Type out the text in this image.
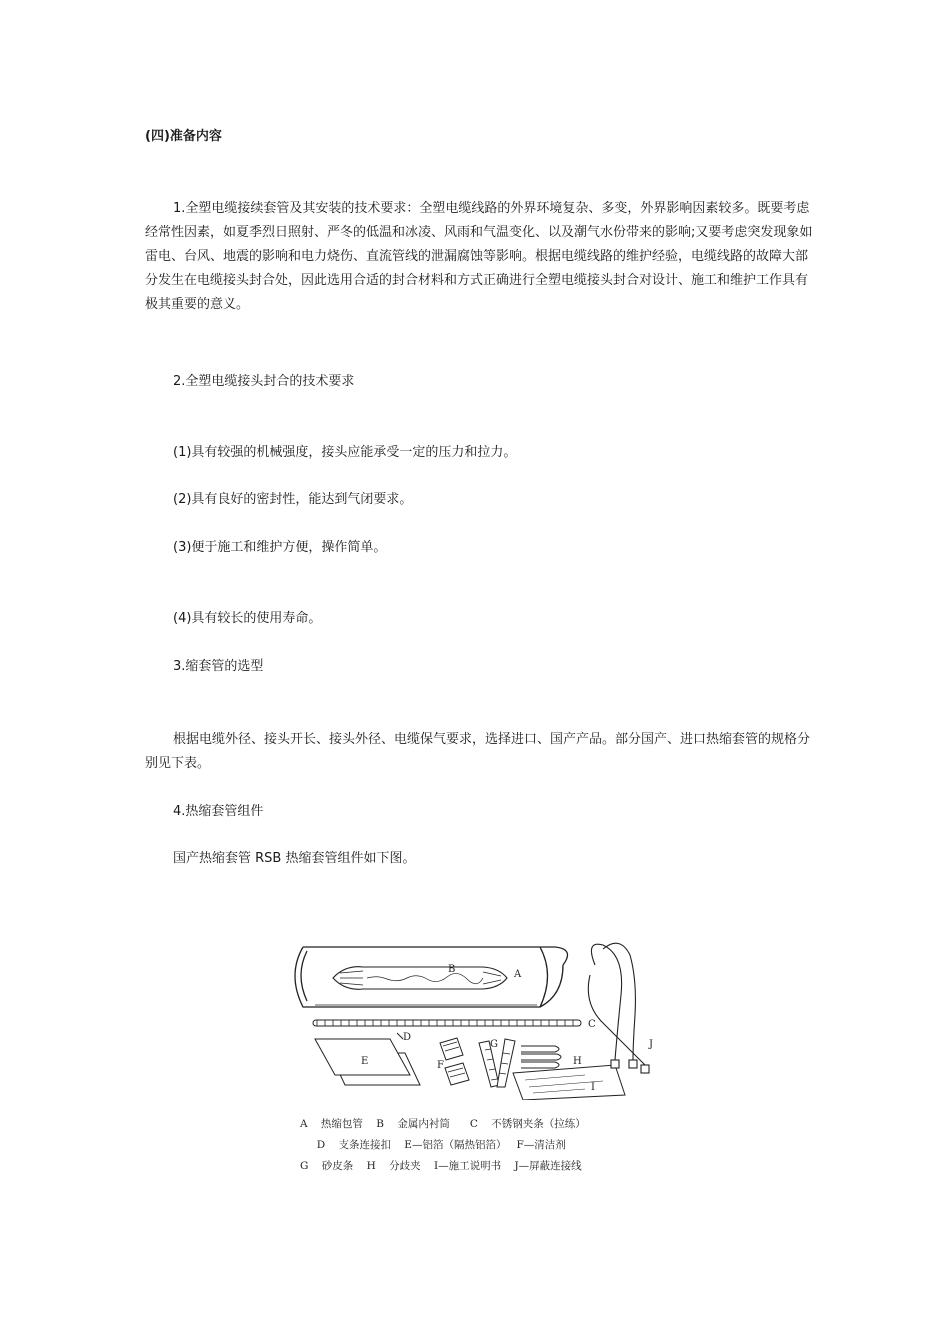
(四)准备内容
1.全塑电缆接续套管及其安装的技术要求：全塑电缆线路的外界环境复杂、多变，外界影响因素较多。既要考虑经常性因素，如夏季烈日照射、严冬的低温和冰凌、风雨和气温变化、以及潮气水份带来的影响;又要考虑突发现象如雷电、台风、地震的影响和电力烧伤、直流管线的泄漏腐蚀等影响。根据电缆线路的维护经验，电缆线路的故障大部分发生在电缆接头封合处，因此选用合适的封合材料和方式正确进行全塑电缆接头封合对设计、施工和维护工作具有极其重要的意义。
2.全塑电缆接头封合的技术要求
(1)具有较强的机械强度，接头应能承受一定的压力和拉力。
(2)具有良好的密封性，能达到气闭要求。
(3)便于施工和维护方便，操作简单。
(4)具有较长的使用寿命。
3.缩套管的选型
根据电缆外径、接头开长、接头外径、电缆保气要求，选择进口、国产产品。部分国产、进口热缩套管的规格分别见下表。
4.热缩套管组件
国产热缩套管 RSB 热缩套管组件如下图。
B	A
C
D
E	F
G
H
I
J
A    热缩包管    B    金属内衬筒      C    不锈钢夹条（拉练）
D    支条连接扣    E—铝箔（隔热铝箔）   F—清洁剂
G    砂皮条    H    分歧夹    I—施工说明书    J—屏蔽连接线
